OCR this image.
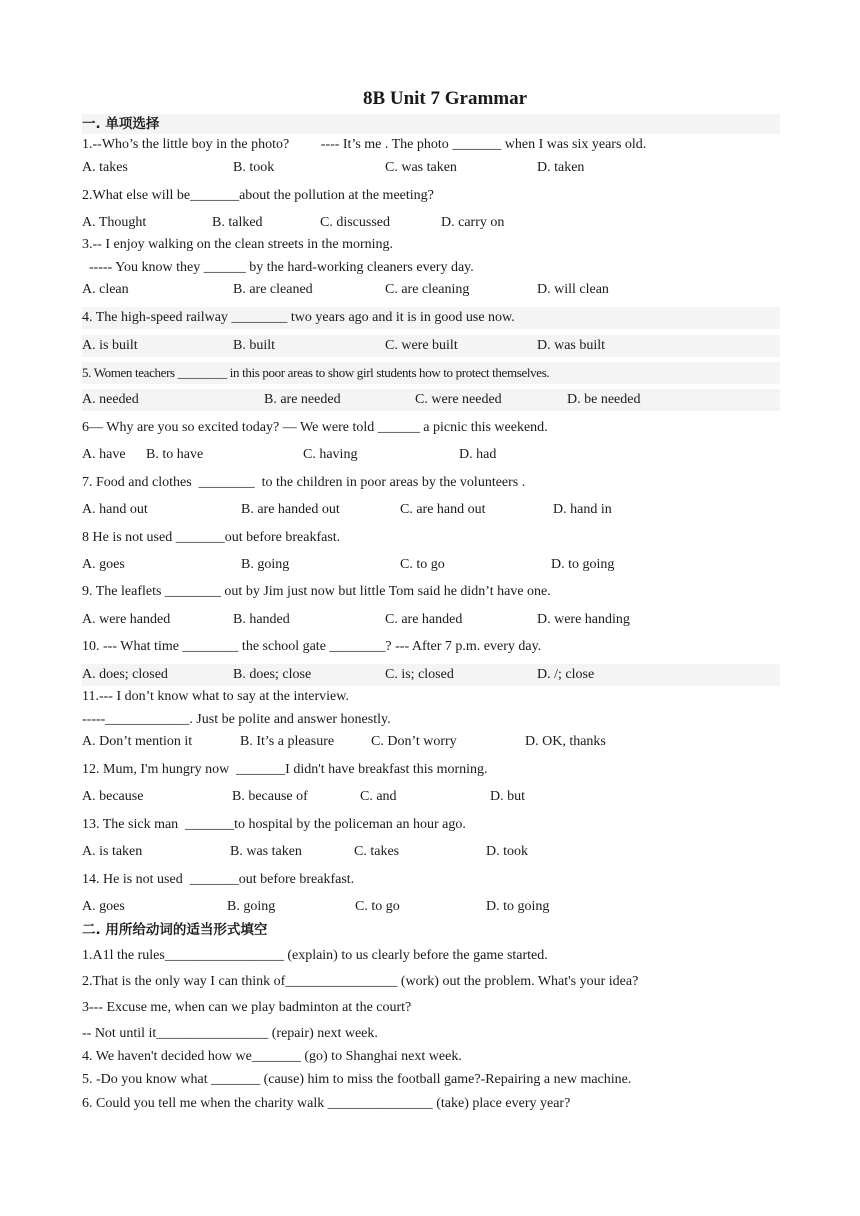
8B Unit 7 Grammar
一. 单项选择
1.--Who’s the little boy in the photo?         ---- It’s me . The photo _______ when I was six years old.
A. takes	B. took	C. was taken	D. taken
2.What else will be_______about the pollution at the meeting?
A. Thought	B. talked	C. discussed	D. carry on
3.-- I enjoy walking on the clean streets in the morning.
----- You know they ______ by the hard-working cleaners every day.
A. clean	B. are cleaned	C. are cleaning	D. will clean
4. The high-speed railway ________ two years ago and it is in good use now.
A. is built	B. built	C. were built	D. was built
5. Women teachers ________ in this poor areas to show girl students how to protect themselves.
A. needed	B. are needed	C. were needed	D. be needed
6— Why are you so excited today? — We were told ______ a picnic this weekend.
A. have B. to have	C. having	D. had
7. Food and clothes  ________  to the children in poor areas by the volunteers .
A. hand out	B. are handed out	C. are hand out	D. hand in
8 He is not used _______out before breakfast.
A. goes	B. going	C. to go	D. to going
9. The leaflets ________ out by Jim just now but little Tom said he didn’t have one.
A. were handed	B. handed	C. are handed	D. were handing
10. --- What time ________ the school gate ________? --- After 7 p.m. every day.
A. does; closed	B. does; close	C. is; closed	D. /; close
11.--- I don’t know what to say at the interview.
-----____________. Just be polite and answer honestly.
A. Don’t mention it	B. It’s a pleasure	C. Don’t worry	D. OK, thanks
12. Mum, I'm hungry now  _______I didn't have breakfast this morning.
A. because	B. because of	C. and	D. but
13. The sick man  _______to hospital by the policeman an hour ago.
A. is taken	B. was taken	C. takes	D. took
14. He is not used  _______out before breakfast.
A. goes	B. going	C. to go	D. to going
二. 用所给动词的适当形式填空
1.A1l the rules_________________ (explain) to us clearly before the game started.
2.That is the only way I can think of________________ (work) out the problem. What's your idea?
3--- Excuse me, when can we play badminton at the court?
-- Not until it________________ (repair) next week.
4. We haven't decided how we_______ (go) to Shanghai next week.
5. -Do you know what _______ (cause) him to miss the football game?-Repairing a new machine.
6. Could you tell me when the charity walk _______________ (take) place every year?
